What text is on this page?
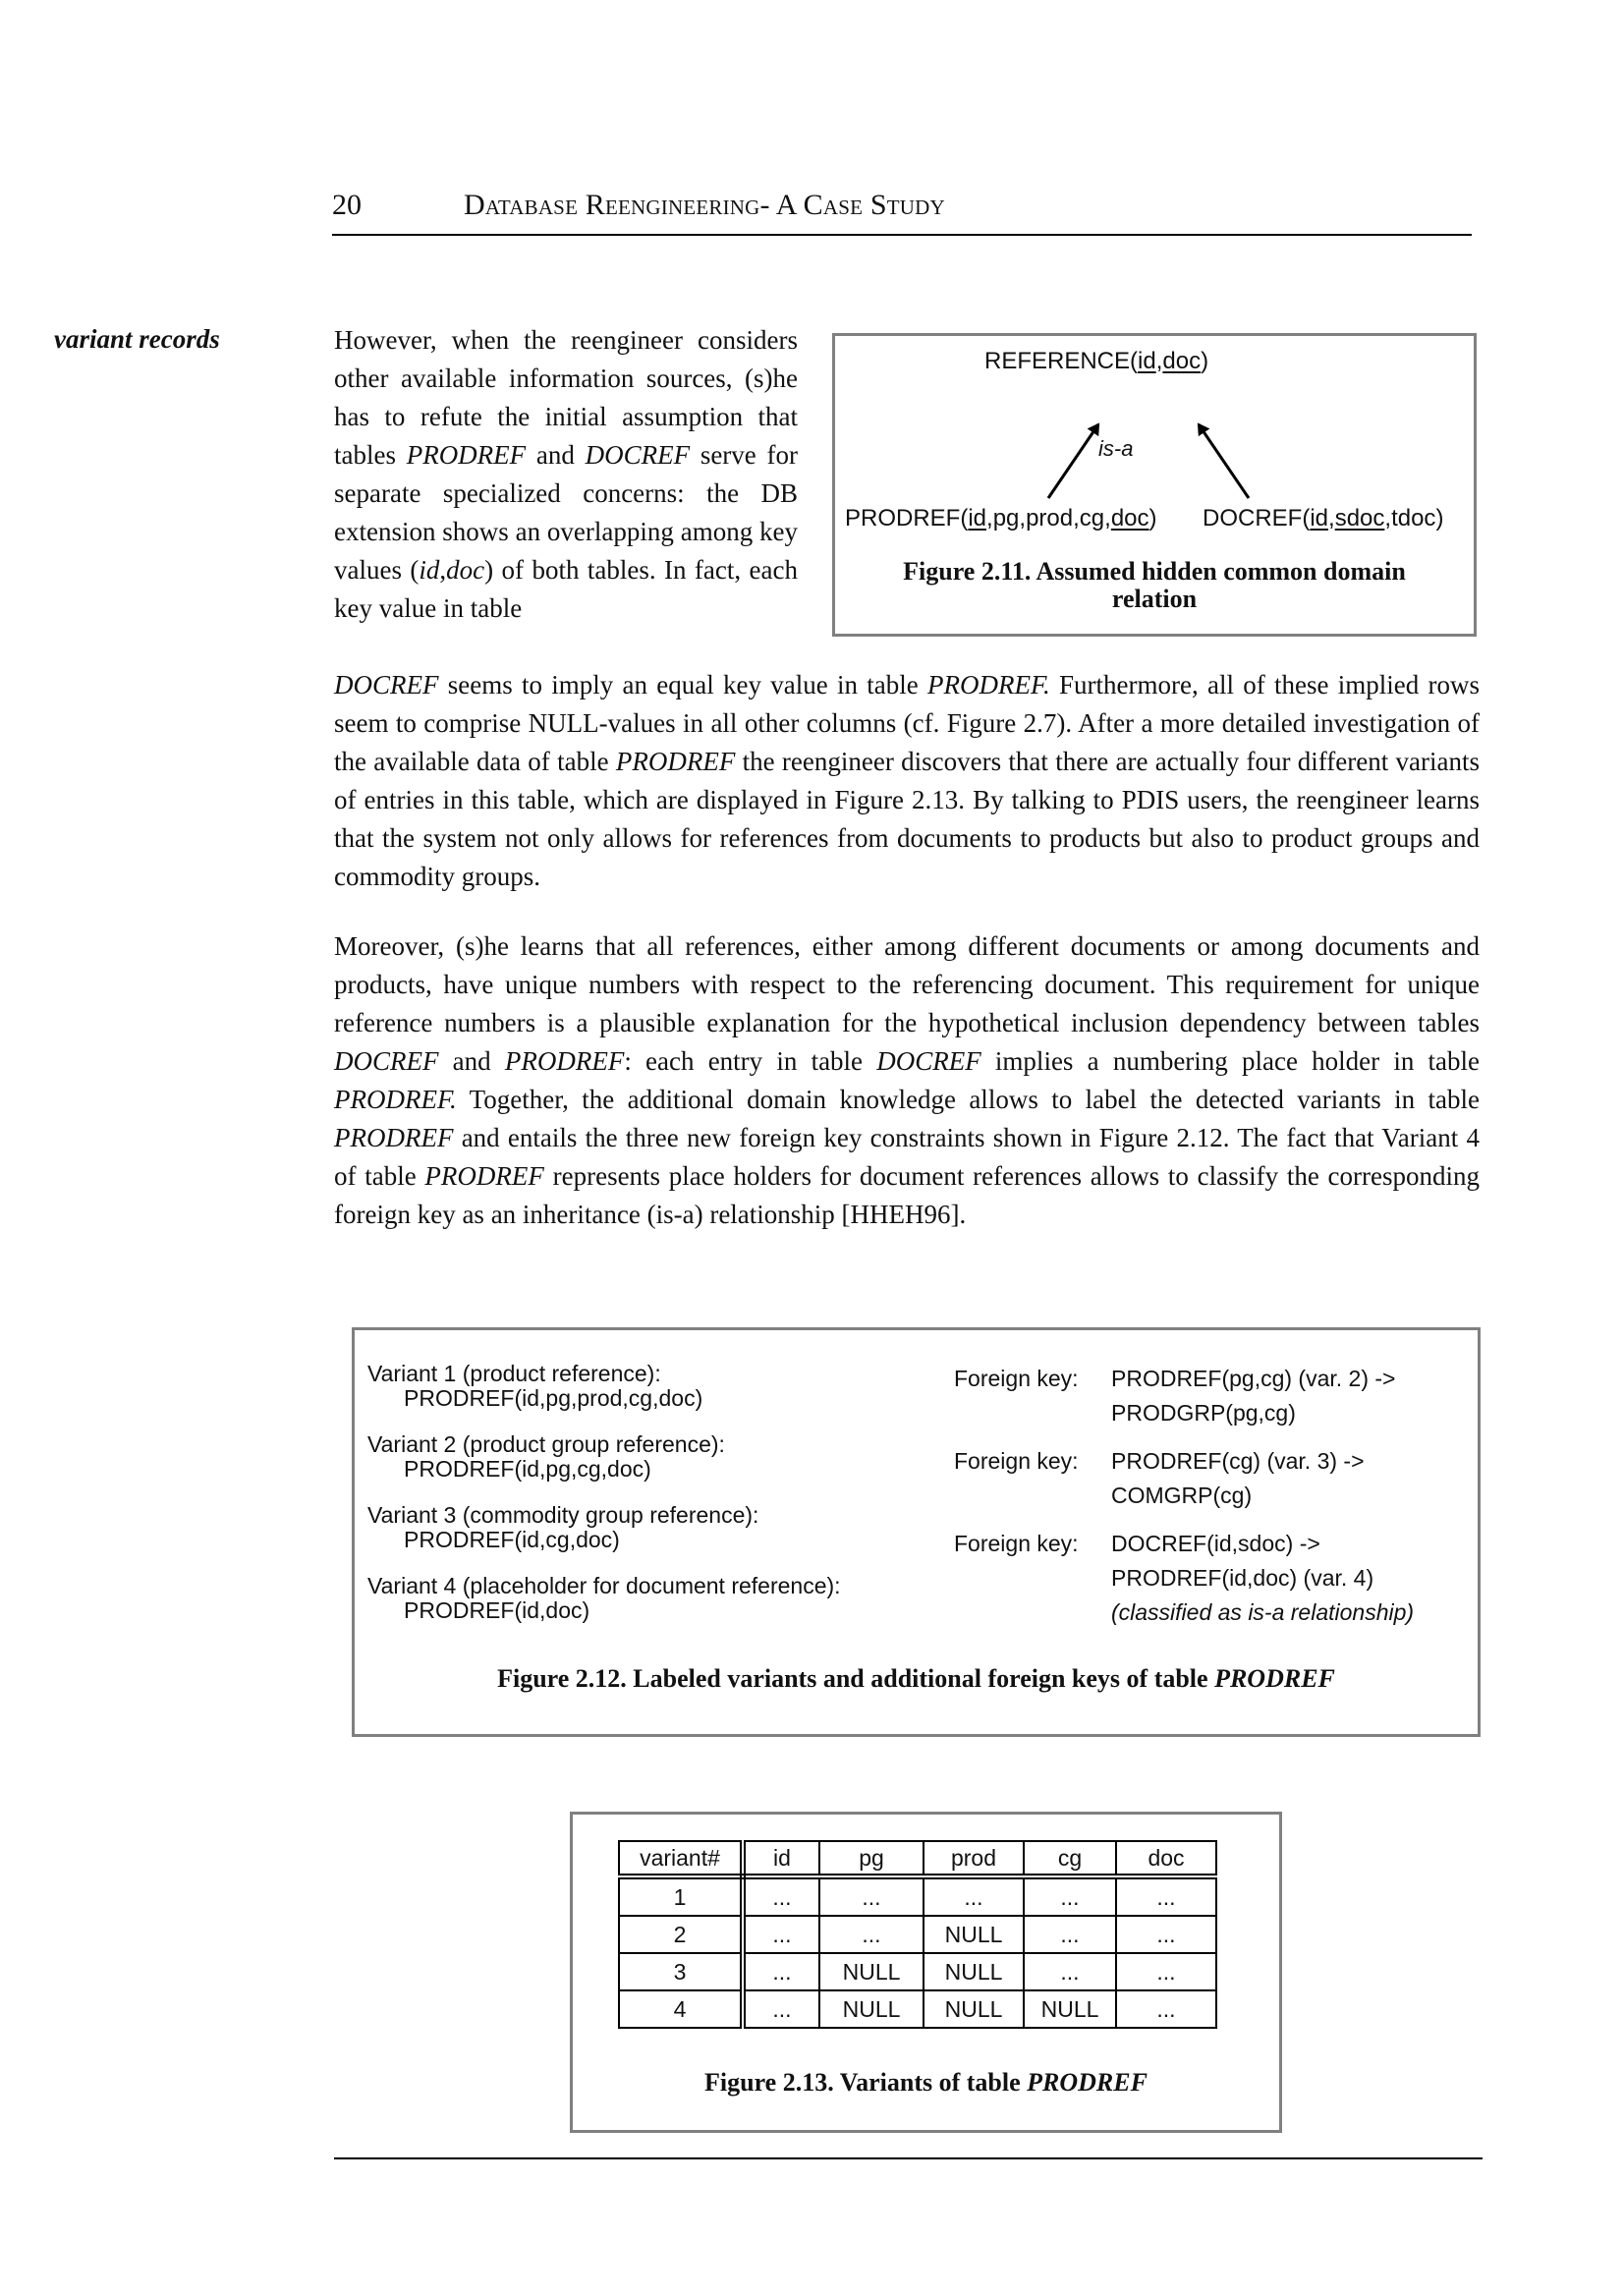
20	Database Reengineering- A Case Study
variant records	However, when the reengineer considers other available information sources, (s)he has to refute the initial assumption that tables PRODREF and DOCREF serve for separate specialized concerns: the DB extension shows an overlapping among key values (id,doc) of both tables. In fact, each key value in table
DOCREF seems to imply an equal key value in table PRODREF. Furthermore, all of these implied rows seem to comprise NULL-values in all other columns (cf. Figure 2.7). After a more detailed investigation of the available data of table PRODREF the reengineer discovers that there are actually four different variants of entries in this table, which are displayed in Figure 2.13. By talking to PDIS users, the reengineer learns that the system not only allows for references from documents to products but also to product groups and commodity groups.
Moreover, (s)he learns that all references, either among different documents or among documents and products, have unique numbers with respect to the referencing document. This requirement for unique reference numbers is a plausible explanation for the hypothetical inclusion dependency between tables DOCREF and PRODREF: each entry in table DOCREF implies a numbering place holder in table PRODREF. Together, the additional domain knowledge allows to label the detected variants in table PRODREF and entails the three new foreign key constraints shown in Figure 2.12. The fact that Variant 4 of table PRODREF represents place holders for document references allows to classify the corresponding foreign key as an inheritance (is-a) relationship [HHEH96].
REFERENCE(id,doc)
is-a
PRODREF(id,pg,prod,cg,doc) DOCREF(id,sdoc,tdoc)
Figure 2.11. Assumed hidden common domain
relation
Variant 1 (product reference):
PRODREF(id,pg,prod,cg,doc)
Variant 2 (product group reference):
PRODREF(id,pg,cg,doc)
Variant 3 (commodity group reference):
PRODREF(id,cg,doc)
Variant 4 (placeholder for document reference):
PRODREF(id,doc)
Foreign key:	PRODREF(pg,cg) (var. 2) ->
PRODGRP(pg,cg)
Foreign key:	PRODREF(cg) (var. 3) ->
COMGRP(cg)
Foreign key:	DOCREF(id,sdoc) ->
PRODREF(id,doc) (var. 4)
(classified as is-a relationship)
Figure 2.12. Labeled variants and additional foreign keys of table PRODREF
variant#	id	pg	prod	cg	doc
1	...	...	...	...	...
2	...	...	NULL	...	...
3	...	NULL	NULL	...	...
4	...	NULL	NULL	NULL	...
Figure 2.13. Variants of table PRODREF
